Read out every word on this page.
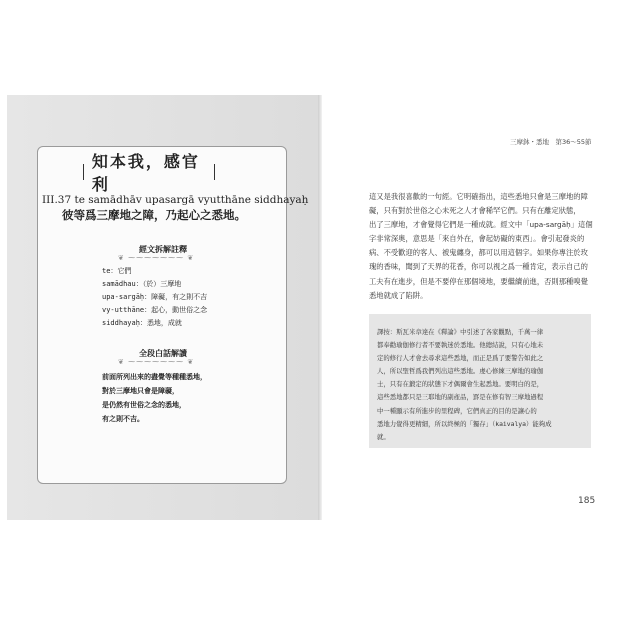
知本我，感官利
III.37 te samādhāv upasargā vyutthāne siddhayaḥ
彼等爲三摩地之障，乃起心之悉地。
經文拆解註釋
❦ ⁓⁓⁓⁓⁓⁓⁓ ❦
te：它們
samādhau：（於）三摩地
upa-sargāḥ：障礙，有之則不吉
vy-utthāne：起心，動世俗之念
siddhayaḥ：悉地，成就
全段白話解讀
❦ ⁓⁓⁓⁓⁓⁓⁓ ❦
前面所列出來的盡覺等種種悉地，
對於三摩地只會是障礙，
是仍然有世俗之念的悉地，
有之則不吉。
三摩鉢・悉地　第36～55節
這又是我很喜歡的一句經。它明確指出，這些悉地只會是三摩地的障
礙，只有對於世俗之心未死之人才會稀罕它們。只有在離定狀態，
出了三摩地，才會覺得它們是一種成就。經文中「upa-sargāḥ」這個
字非常深奧，意思是「來自外在，會起妨礙的東西」。會引起發炎的
病、不受歡迎的客人、被鬼纏身，都可以用這個字。如果你專注於玫
瑰的香味，聞到了天界的花香，你可以視之爲一種肯定，表示自己的
工夫有在進步，但是不要停在那個境地，要繼續前進，否則那種嗅覺
悉地就成了陷阱。
譯按：斯瓦米韋達在《釋論》中引述了各家觀點，千萬一律
都奉勸瑜伽修行者不要執迷於悉地。他總結說，只有心地未
定的修行人才會去尋求這些悉地，而正是爲了要警告如此之
人，所以聖哲爲我們列出這些悉地。虔心修練三摩地的瑜伽
士，只有在鍛定的狀態下才偶爾會生起悉地。要明白的是，
這些悉地都只是三耶地的副產品，罫是在修有智三摩地過程
中一種顯示有所進步的里程碑，它們真正的目的是讓心的
悉地力覺得更精細，所以終極的「獨存」（kaivalya）能夠成
就。
185
